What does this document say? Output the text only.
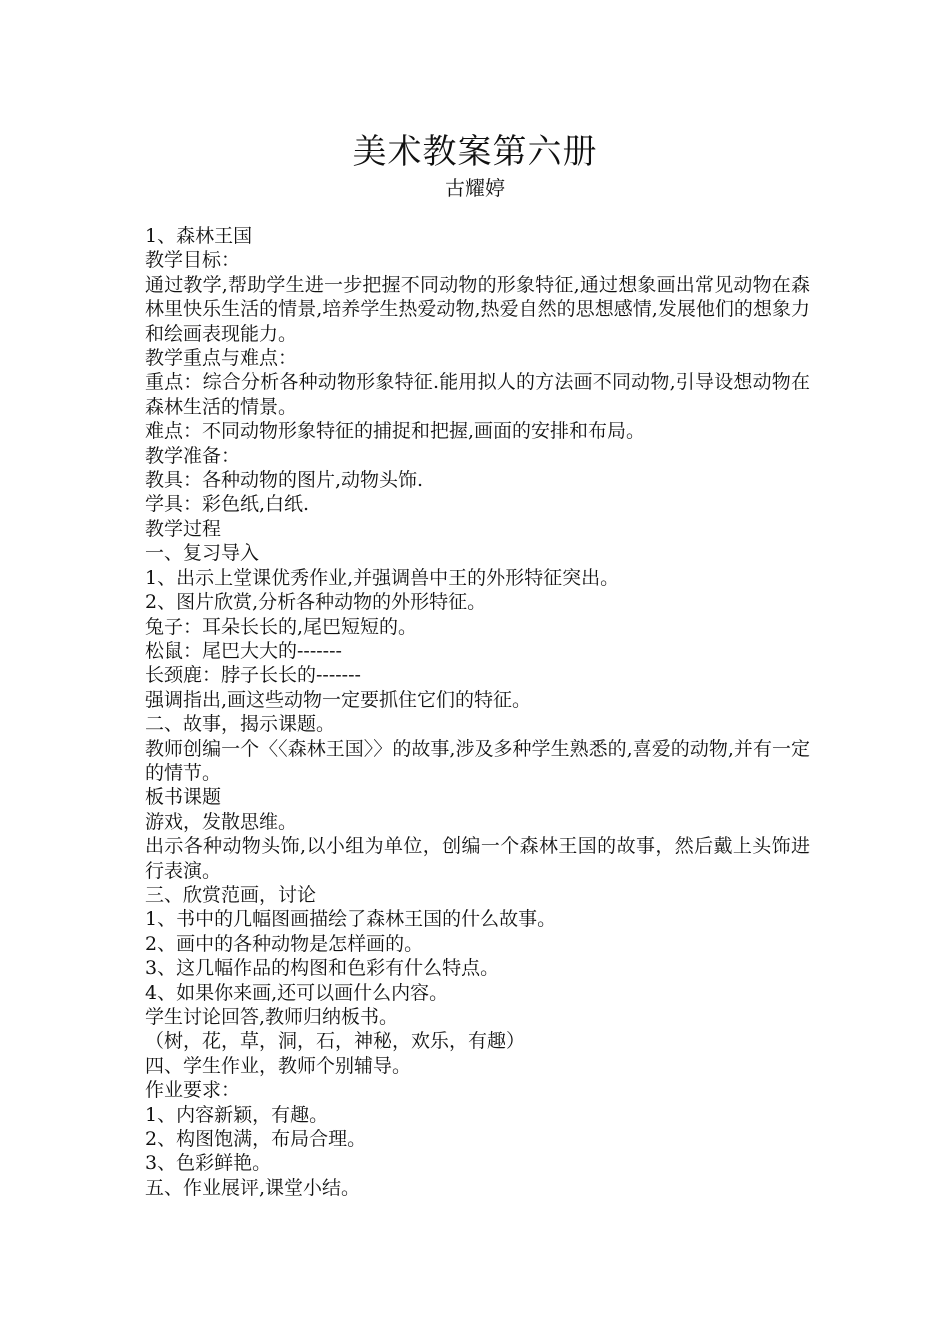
美术教案第六册
古耀婷

1、森林王国

教学目标：

通过教学,帮助学生进一步把握不同动物的形象特征,通过想象画出常见动物在森林里快乐生活的情景,培养学生热爱动物,热爱自然的思想感情,发展他们的想象力和绘画表现能力。

教学重点与难点：

重点：综合分析各种动物形象特征.能用拟人的方法画不同动物,引导设想动物在森林生活的情景。

难点：不同动物形象特征的捕捉和把握,画面的安排和布局。

教学准备：

教具：各种动物的图片,动物头饰.

学具：彩色纸,白纸.

教学过程

一、复习导入

1、出示上堂课优秀作业,并强调兽中王的外形特征突出。

2、图片欣赏,分析各种动物的外形特征。

兔子：耳朵长长的,尾巴短短的。

松鼠：尾巴大大的-------

长颈鹿：脖子长长的-------

强调指出,画这些动物一定要抓住它们的特征。

二、故事，揭示课题。

教师创编一个〈〈森林王国〉〉的故事,涉及多种学生熟悉的,喜爱的动物,并有一定的情节。

板书课题

游戏，发散思维。

出示各种动物头饰,以小组为单位，创编一个森林王国的故事，然后戴上头饰进行表演。

三、欣赏范画，讨论

1、书中的几幅图画描绘了森林王国的什么故事。

2、画中的各种动物是怎样画的。

3、这几幅作品的构图和色彩有什么特点。

4、如果你来画,还可以画什么内容。

学生讨论回答,教师归纳板书。

（树，花，草，洞，石，神秘，欢乐，有趣）

四、学生作业，教师个别辅导。

作业要求：

1、内容新颖，有趣。

2、构图饱满，布局合理。

3、色彩鲜艳。

五、作业展评,课堂小结。
